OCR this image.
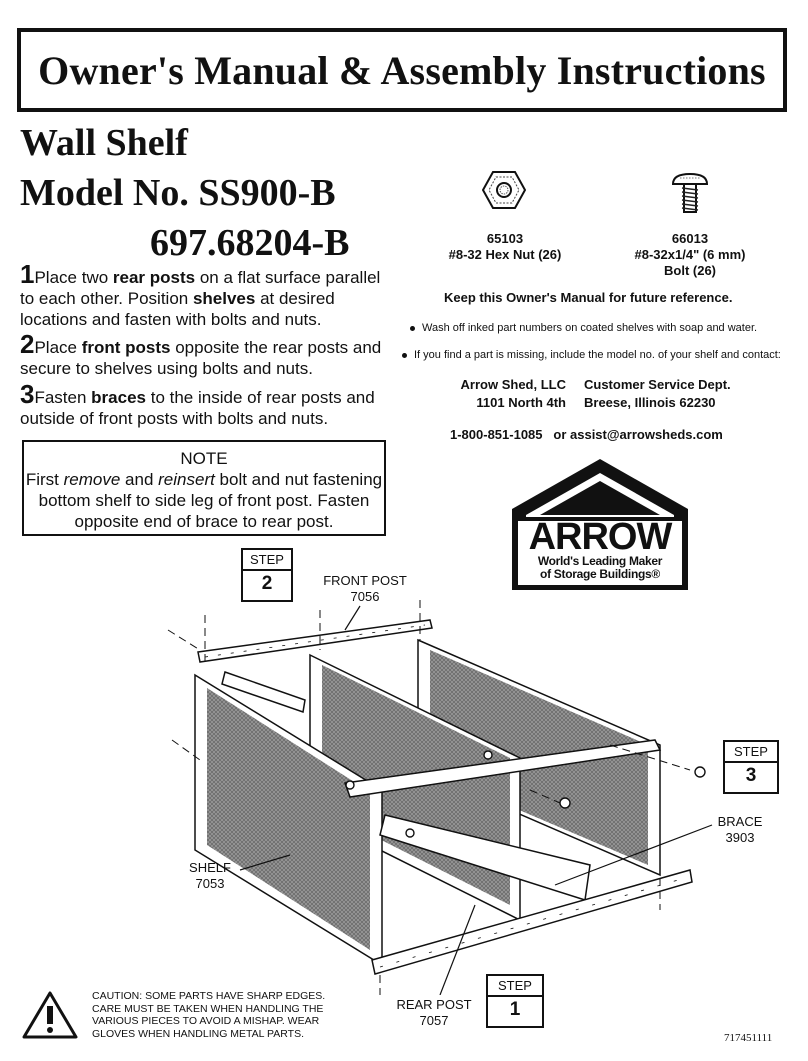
Owner's Manual & Assembly Instructions
Wall Shelf
Model No. SS900-B
697.68204-B
1Place two rear posts on a flat surface parallel to each other. Position shelves at desired locations and fasten with bolts and nuts.
2Place front posts opposite the rear posts and secure to shelves using bolts and nuts.
3Fasten braces to the inside of rear posts and outside of front posts with bolts and nuts.
NOTE
First remove and reinsert bolt and nut fastening bottom shelf to side leg of front post. Fasten opposite end of brace to rear post.
65103
#8-32 Hex Nut (26)
66013
#8-32x1/4" (6 mm)
Bolt (26)
Keep this Owner's Manual for future reference.
Wash off inked part numbers on coated shelves with soap and water.
If you find a part is missing, include the model no. of your shelf and contact:
Arrow Shed, LLC
1101 North 4th
Customer Service Dept.
Breese, Illinois 62230
1-800-851-1085 or assist@arrowsheds.com
ARROW
World's Leading Maker
of Storage Buildings®
STEP
2
STEP
3
STEP
1
FRONT POST
7056
BRACE
3903
SHELF
7053
REAR POST
7057
CAUTION: SOME PARTS HAVE SHARP EDGES. CARE MUST BE TAKEN WHEN HANDLING THE VARIOUS PIECES TO AVOID A MISHAP. WEAR GLOVES WHEN HANDLING METAL PARTS.	717451111
